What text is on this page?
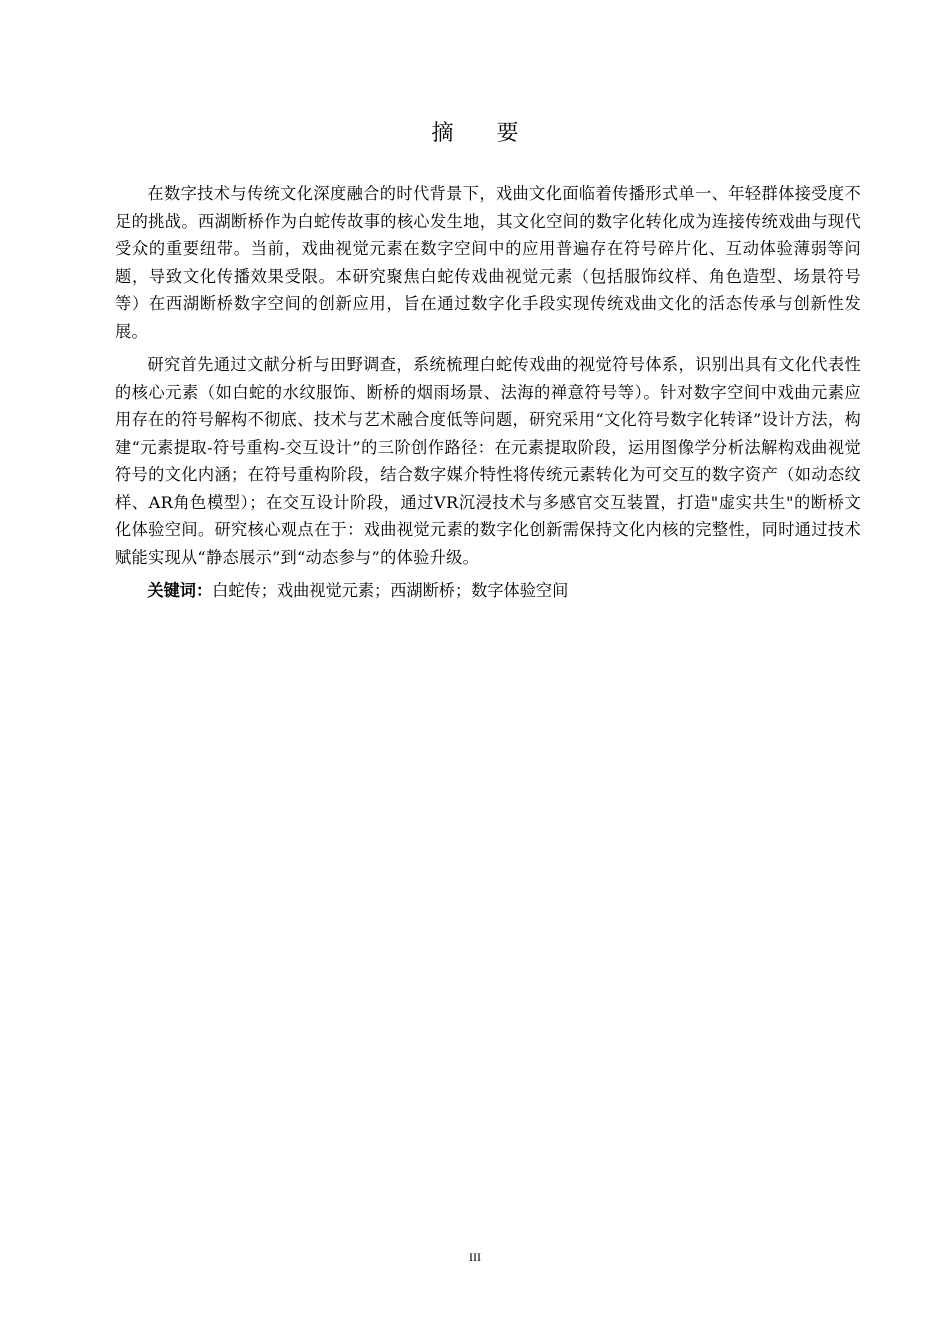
摘 要

在数字技术与传统文化深度融合的时代背景下，戏曲文化面临着传播形式单一、年轻群体接受度不足的挑战。西湖断桥作为白蛇传故事的核心发生地，其文化空间的数字化转化成为连接传统戏曲与现代受众的重要纽带。当前，戏曲视觉元素在数字空间中的应用普遍存在符号碎片化、互动体验薄弱等问题，导致文化传播效果受限。本研究聚焦白蛇传戏曲视觉元素（包括服饰纹样、角色造型、场景符号等）在西湖断桥数字空间的创新应用，旨在通过数字化手段实现传统戏曲文化的活态传承与创新性发展。

研究首先通过文献分析与田野调查，系统梳理白蛇传戏曲的视觉符号体系，识别出具有文化代表性的核心元素（如白蛇的水纹服饰、断桥的烟雨场景、法海的禅意符号等）。针对数字空间中戏曲元素应用存在的符号解构不彻底、技术与艺术融合度低等问题，研究采用“文化符号数字化转译”设计方法，构建“元素提取-符号重构-交互设计”的三阶创作路径：在元素提取阶段，运用图像学分析法解构戏曲视觉符号的文化内涵；在符号重构阶段，结合数字媒介特性将传统元素转化为可交互的数字资产（如动态纹样、AR角色模型）；在交互设计阶段，通过VR沉浸技术与多感官交互装置，打造"虚实共生"的断桥文化体验空间。研究核心观点在于：戏曲视觉元素的数字化创新需保持文化内核的完整性，同时通过技术赋能实现从“静态展示”到“动态参与”的体验升级。

关键词：白蛇传；戏曲视觉元素；西湖断桥；数字体验空间

III
